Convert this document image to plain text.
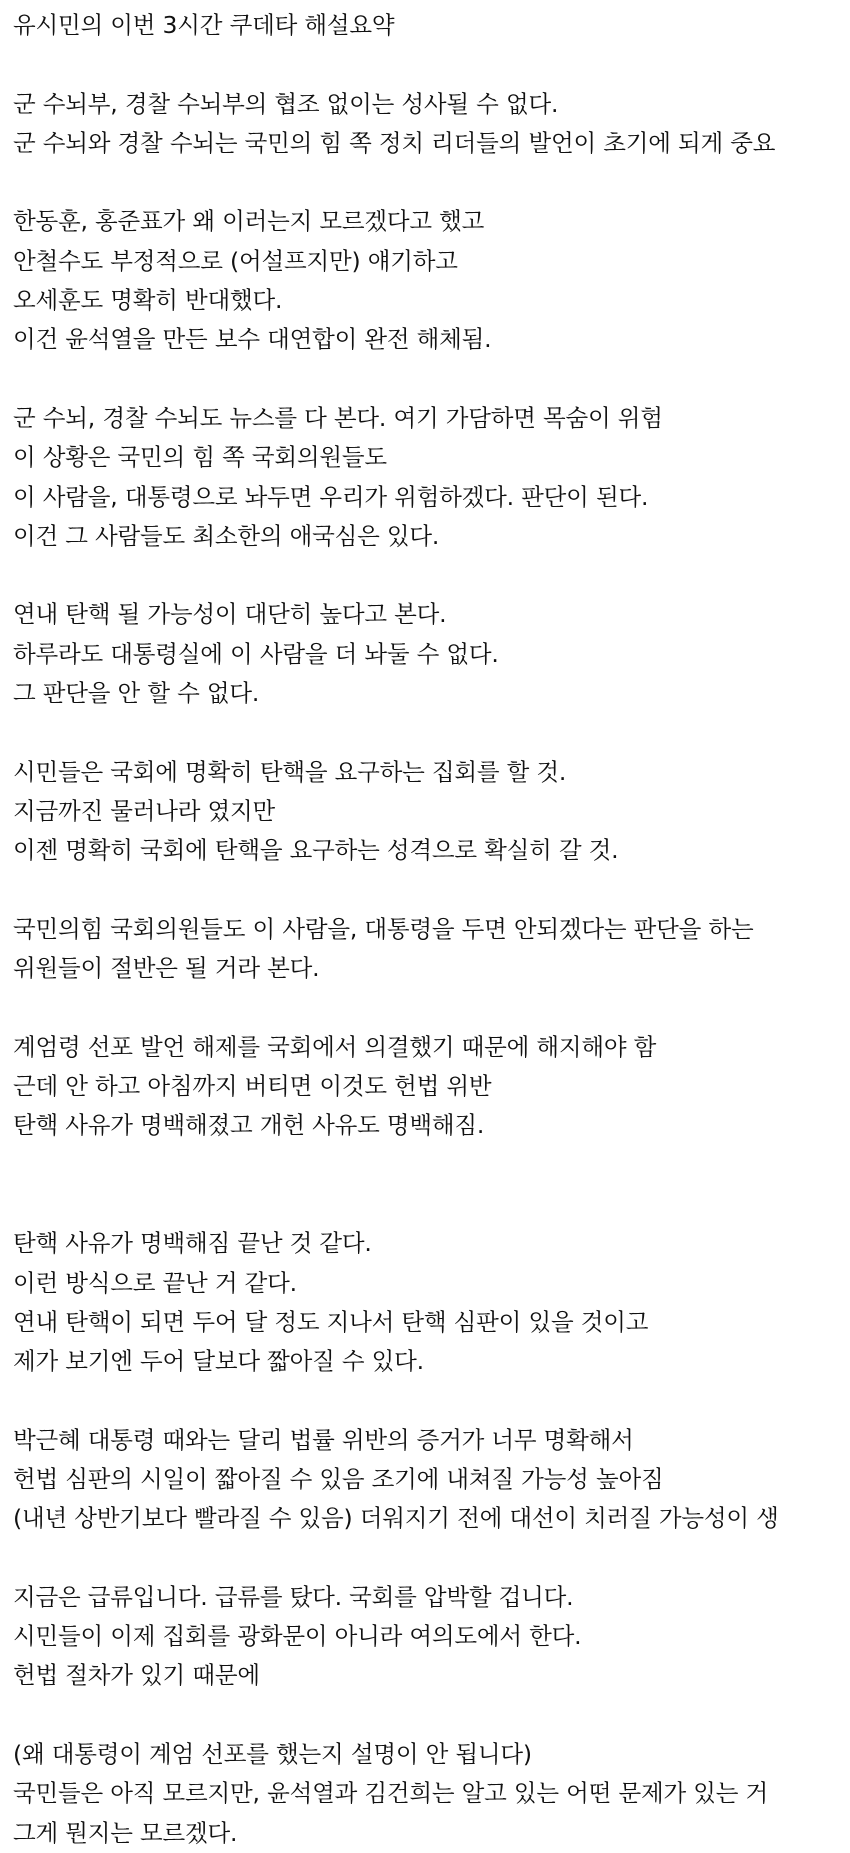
유시민의 이번 3시간 쿠데타 해설요약
군 수뇌부, 경찰 수뇌부의 협조 없이는 성사될 수 없다.
군 수뇌와 경찰 수뇌는 국민의 힘 쪽 정치 리더들의 발언이 초기에 되게 중요
한동훈, 홍준표가 왜 이러는지 모르겠다고 했고
안철수도 부정적으로 (어설프지만) 얘기하고
오세훈도 명확히 반대했다.
이건 윤석열을 만든 보수 대연합이 완전 해체됨.
군 수뇌, 경찰 수뇌도 뉴스를 다 본다. 여기 가담하면 목숨이 위험
이 상황은 국민의 힘 쪽 국회의원들도
이 사람을, 대통령으로 놔두면 우리가 위험하겠다. 판단이 된다.
이건 그 사람들도 최소한의 애국심은 있다.
연내 탄핵 될 가능성이 대단히 높다고 본다.
하루라도 대통령실에 이 사람을 더 놔둘 수 없다.
그 판단을 안 할 수 없다.
시민들은 국회에 명확히 탄핵을 요구하는 집회를 할 것.
지금까진 물러나라 였지만
이젠 명확히 국회에 탄핵을 요구하는 성격으로 확실히 갈 것.
국민의힘 국회의원들도 이 사람을, 대통령을 두면 안되겠다는 판단을 하는
위원들이 절반은 될 거라 본다.
계엄령 선포 발언 해제를 국회에서 의결했기 때문에 해지해야 함
근데 안 하고 아침까지 버티면 이것도 헌법 위반
탄핵 사유가 명백해졌고 개헌 사유도 명백해짐.
탄핵 사유가 명백해짐 끝난 것 같다.
이런 방식으로 끝난 거 같다.
연내 탄핵이 되면 두어 달 정도 지나서 탄핵 심판이 있을 것이고
제가 보기엔 두어 달보다 짧아질 수 있다.
박근혜 대통령 때와는 달리 법률 위반의 증거가 너무 명확해서
헌법 심판의 시일이 짧아질 수 있음 조기에 내쳐질 가능성 높아짐
(내년 상반기보다 빨라질 수 있음) 더워지기 전에 대선이 치러질 가능성이 생
지금은 급류입니다. 급류를 탔다. 국회를 압박할 겁니다.
시민들이 이제 집회를 광화문이 아니라 여의도에서 한다.
헌법 절차가 있기 때문에
(왜 대통령이 계엄 선포를 했는지 설명이 안 됩니다)
국민들은 아직 모르지만, 윤석열과 김건희는 알고 있는 어떤 문제가 있는 거
그게 뭔지는 모르겠다.
